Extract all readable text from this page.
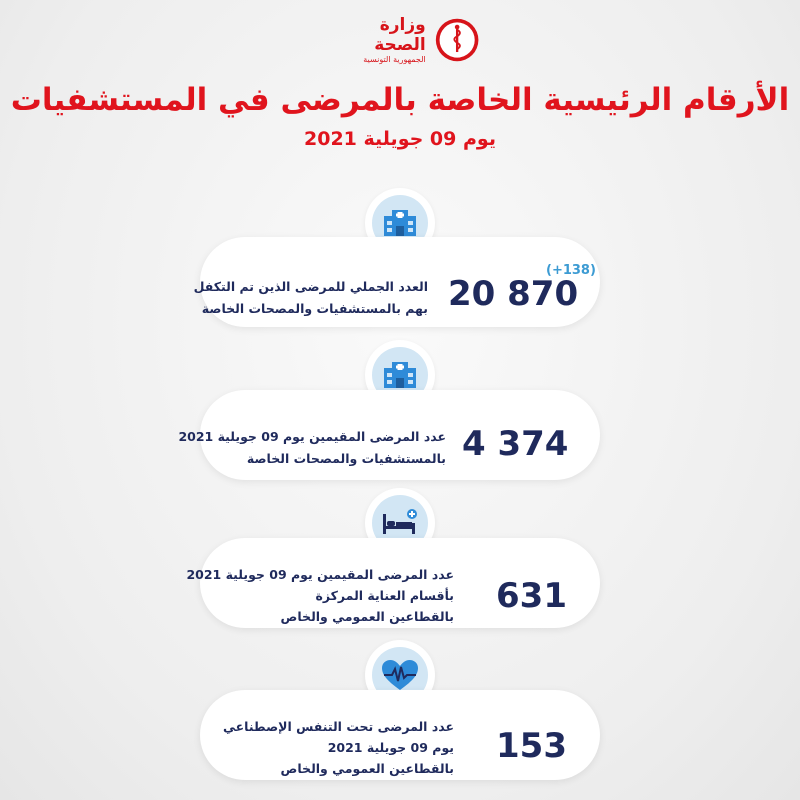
وزارة الصحة
الجمهورية التونسية
الأرقام الرئيسية الخاصة بالمرضى في المستشفيات
يوم 09 جويلية 2021
(+138)
20 870
العدد الجملي للمرضى الذين تم التكفل
بهم بالمستشفيات والمصحات الخاصة
4 374
عدد المرضى المقيمين يوم 09 جويلية 2021
بالمستشفيات والمصحات الخاصة
631
عدد المرضى المقيمين يوم 09 جويلية 2021
بأقسام العناية المركزة
بالقطاعين العمومي والخاص
153
عدد المرضى تحت التنفس الإصطناعي
يوم 09 جويلية 2021
بالقطاعين العمومي والخاص
